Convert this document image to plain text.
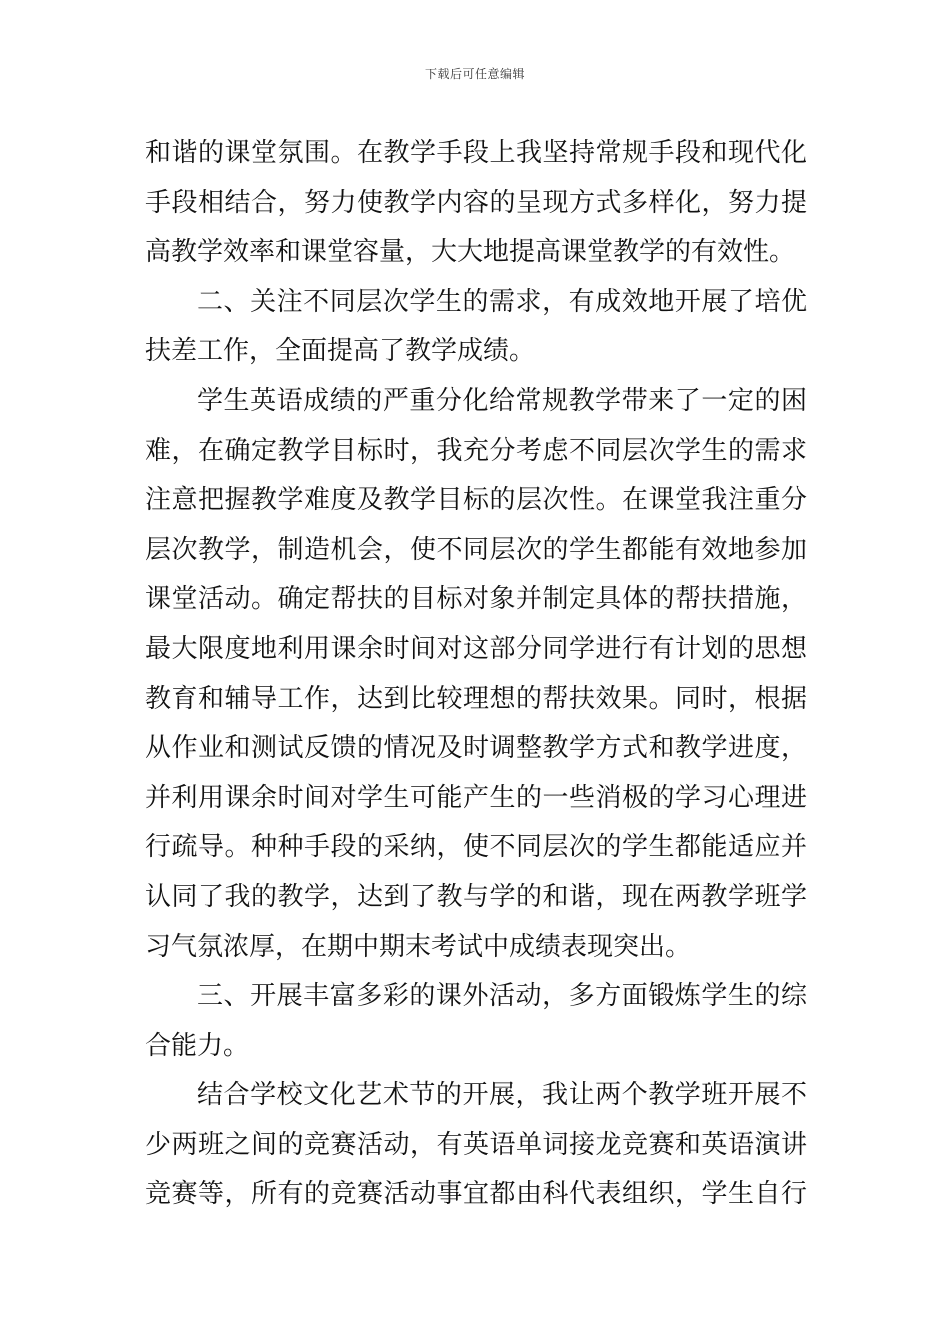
下载后可任意编辑
和谐的课堂氛围。在教学手段上我坚持常规手段和现代化
手段相结合，努力使教学内容的呈现方式多样化，努力提
高教学效率和课堂容量，大大地提高课堂教学的有效性。
二、关注不同层次学生的需求，有成效地开展了培优
扶差工作，全面提高了教学成绩。
学生英语成绩的严重分化给常规教学带来了一定的困
难，在确定教学目标时，我充分考虑不同层次学生的需求
注意把握教学难度及教学目标的层次性。在课堂我注重分
层次教学，制造机会，使不同层次的学生都能有效地参加
课堂活动。确定帮扶的目标对象并制定具体的帮扶措施，
最大限度地利用课余时间对这部分同学进行有计划的思想
教育和辅导工作，达到比较理想的帮扶效果。同时，根据
从作业和测试反馈的情况及时调整教学方式和教学进度，
并利用课余时间对学生可能产生的一些消极的学习心理进
行疏导。种种手段的采纳，使不同层次的学生都能适应并
认同了我的教学，达到了教与学的和谐，现在两教学班学
习气氛浓厚，在期中期末考试中成绩表现突出。
三、开展丰富多彩的课外活动，多方面锻炼学生的综
合能力。
结合学校文化艺术节的开展，我让两个教学班开展不
少两班之间的竞赛活动，有英语单词接龙竞赛和英语演讲
竞赛等，所有的竞赛活动事宜都由科代表组织，学生自行
